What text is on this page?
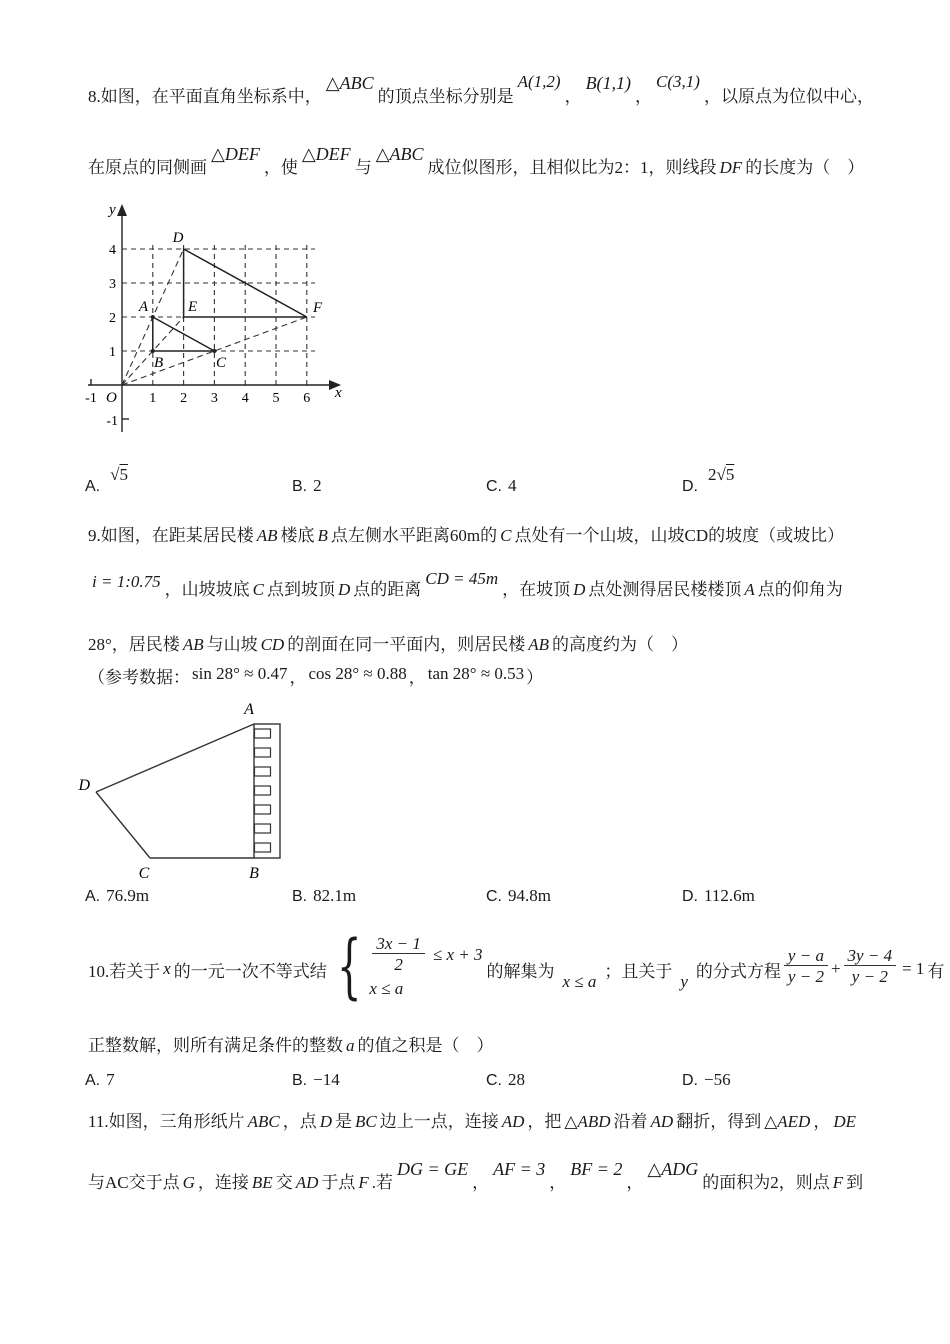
8.如图，在平面直角坐标系中，△ABC的顶点坐标分别是A(1,2)，B(1,1)，C(3,1)，以原点为位似中心，
在原点的同侧画△DEF，使△DEF与△ABC成位似图形，且相似比为2：1，则线段 DF 的长度为（　）
y
x
O
-1	1 2 3 4 5 6
4
3
2
1
-1
A
B	C
D
E	F
A.√5
B. 2	C. 4	D.2√5
9.如图，在距某居民楼 AB 楼底 B 点左侧水平距离60m的 C 点处有一个山坡，山坡CD的坡度（或坡比）
i = 1:0.75 ，山坡坡底 C 点到坡顶 D 点的距离CD = 45m，在坡顶 D 点处测得居民楼楼顶 A 点的仰角为
28°，居民楼 AB 与山坡 CD 的剖面在同一平面内，则居民楼 AB 的高度约为（　）
（参考数据： sin 28° ≈ 0.47 ， cos 28° ≈ 0.88 ， tan 28° ≈ 0.53 ）
A
B
C
D
A. 76.9m	B. 82.1m	C. 94.8m	D. 112.6m
10.若关于 x 的一元一次不等式结 { $\frac{3x - 1}{2} \le x + 3$
x ≤ a
的解集为
x ≤ a
；且关于
y
的分式方程 $\frac{y - a}{y - 2} + \frac{3y - 4}{y - 2} = 1$ 有
正整数解，则所有满足条件的整数 a 的值之积是（　）
A. 7	B. −14	C. 28	D. −56
11.如图，三角形纸片 ABC ，点 D 是 BC 边上一点，连接 AD ，把 △ABD 沿着 AD 翻折，得到 △AED ， DE
与AC交于点 G ，连接 BE 交 AD 于点 F .若DG = GE，AF = 3，BF = 2，△ADG的面积为2，则点 F 到
